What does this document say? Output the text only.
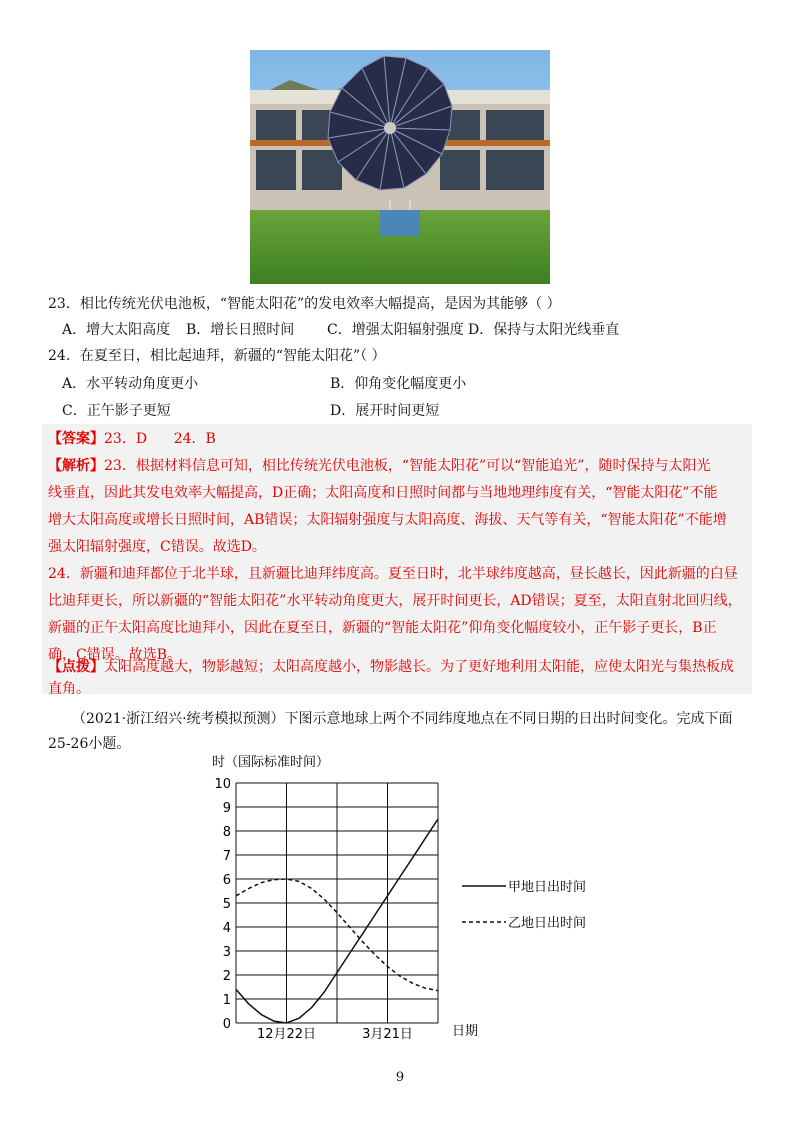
23．相比传统光伏电池板，“智能太阳花”的发电效率大幅提高，是因为其能够（ ）
A．增大太阳高度 B．增长日照时间 C．增强太阳辐射强度 D．保持与太阳光线垂直
24．在夏至日，相比起迪拜，新疆的“智能太阳花”（ ）
A．水平转动角度更小	B．仰角变化幅度更小
C．正午影子更短	D．展开时间更短
【答案】23．D      24．B
【解析】23．根据材料信息可知，相比传统光伏电池板，“智能太阳花”可以“智能追光”，随时保持与太阳光
线垂直，因此其发电效率大幅提高，D正确；太阳高度和日照时间都与当地地理纬度有关，“智能太阳花”不能
增大太阳高度或增长日照时间，AB错误；太阳辐射强度与太阳高度、海拔、天气等有关，“智能太阳花”不能增
强太阳辐射强度，C错误。故选D。
24．新疆和迪拜都位于北半球，且新疆比迪拜纬度高。夏至日时，北半球纬度越高，昼长越长，因此新疆的白昼
比迪拜更长，所以新疆的“智能太阳花”水平转动角度更大，展开时间更长，AD错误；夏至，太阳直射北回归线，
新疆的正午太阳高度比迪拜小，因此在夏至日，新疆的“智能太阳花”仰角变化幅度较小，正午影子更长，B正
确，C错误。故选B。
【点拨】太阳高度越大，物影越短；太阳高度越小，物影越长。为了更好地利用太阳能，应使太阳光与集热板成
直角。
（2021·浙江绍兴·统考模拟预测）下图示意地球上两个不同纬度地点在不同日期的日出时间变化。完成下面
25-26小题。
时（国际标准时间）
0
1
2
3
4
5
6
7
8
9
10
12月22日	3月21日	日期
甲地日出时间
乙地日出时间
9
